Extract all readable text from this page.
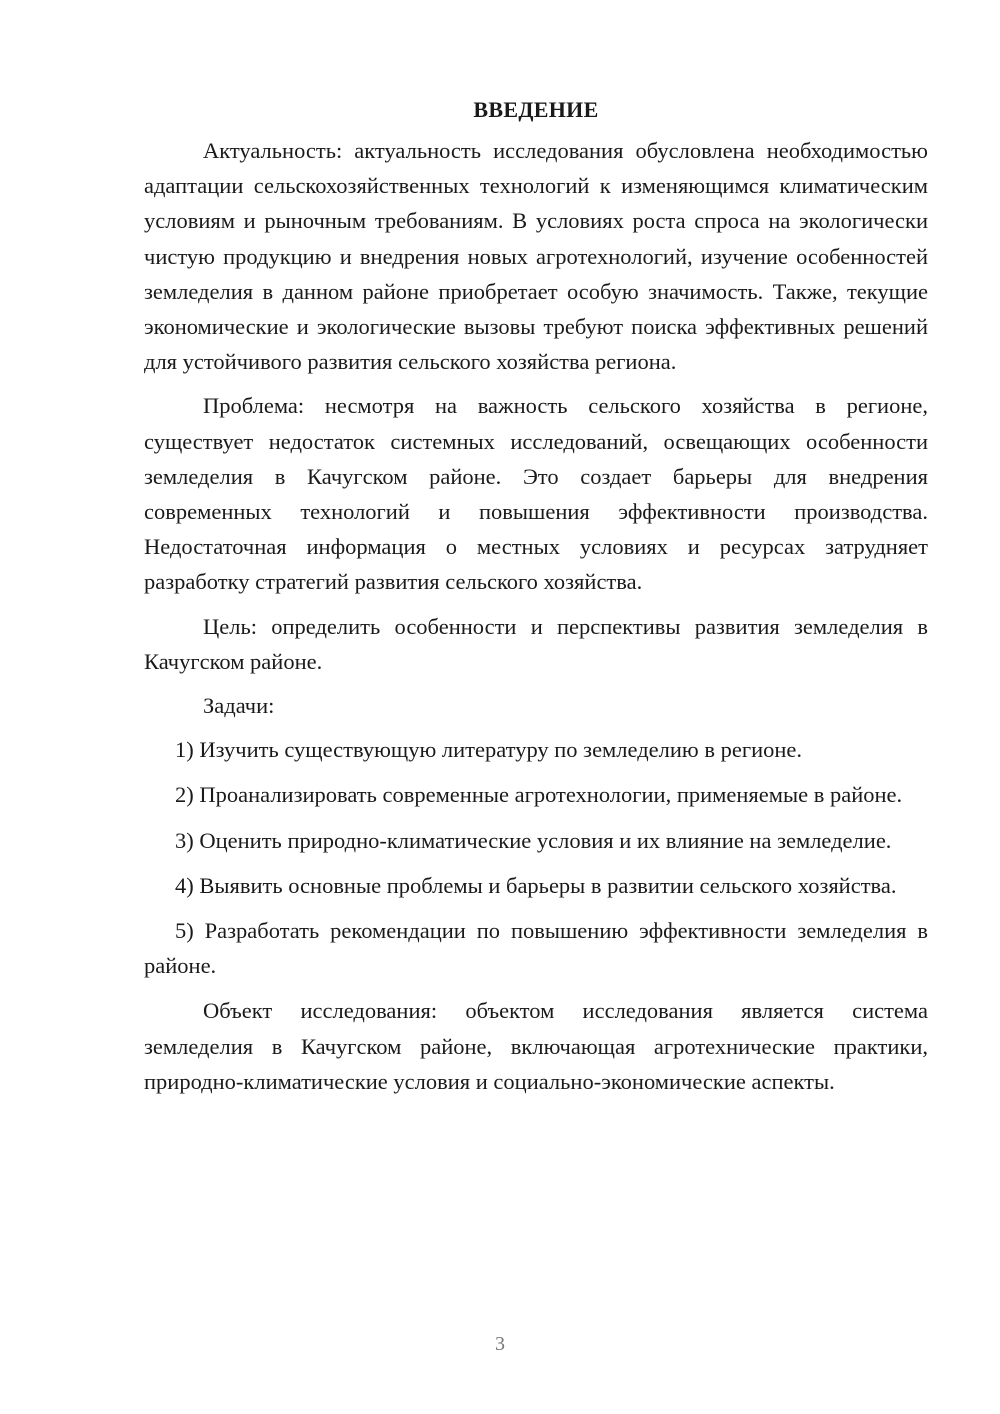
ВВЕДЕНИЕ

Актуальность: актуальность исследования обусловлена необходимостью адаптации сельскохозяйственных технологий к изменяющимся климатическим условиям и рыночным требованиям. В условиях роста спроса на экологически чистую продукцию и внедрения новых агротехнологий, изучение особенностей земледелия в данном районе приобретает особую значимость. Также, текущие экономические и экологические вызовы требуют поиска эффективных решений для устойчивого развития сельского хозяйства региона.

Проблема: несмотря на важность сельского хозяйства в регионе, существует недостаток системных исследований, освещающих особенности земледелия в Качугском районе. Это создает барьеры для внедрения современных технологий и повышения эффективности производства. Недостаточная информация о местных условиях и ресурсах затрудняет разработку стратегий развития сельского хозяйства.

Цель: определить особенности и перспективы развития земледелия в Качугском районе.

Задачи:

1) Изучить существующую литературу по земледелию в регионе.

2) Проанализировать современные агротехнологии, применяемые в районе.

3) Оценить природно-климатические условия и их влияние на земледелие.

4) Выявить основные проблемы и барьеры в развитии сельского хозяйства.

5) Разработать рекомендации по повышению эффективности земледелия в районе.

Объект исследования: объектом исследования является система земледелия в Качугском районе, включающая агротехнические практики, природно-климатические условия и социально-экономические аспекты.

3
